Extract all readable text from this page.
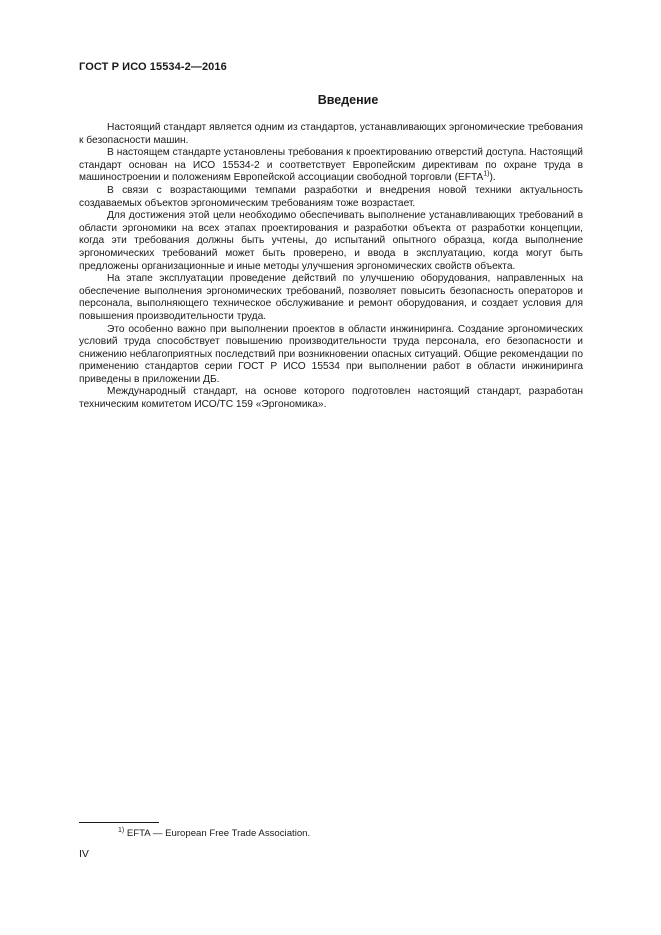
ГОСТ Р ИСО 15534-2—2016
Введение

Настоящий стандарт является одним из стандартов, устанавливающих эргономические требования к безопасности машин.

В настоящем стандарте установлены требования к проектированию отверстий доступа. Настоящий стандарт основан на ИСО 15534-2 и соответствует Европейским директивам по охране труда в машиностроении и положениям Европейской ассоциации свободной торговли (EFTA$^{1)}$).

В связи с возрастающими темпами разработки и внедрения новой техники актуальность создаваемых объектов эргономическим требованиям тоже возрастает.

Для достижения этой цели необходимо обеспечивать выполнение устанавливающих требований в области эргономики на всех этапах проектирования и разработки объекта от разработки концепции, когда эти требования должны быть учтены, до испытаний опытного образца, когда выполнение эргономических требований может быть проверено, и ввода в эксплуатацию, когда могут быть предложены организационные и иные методы улучшения эргономических свойств объекта.

На этапе эксплуатации проведение действий по улучшению оборудования, направленных на обеспечение выполнения эргономических требований, позволяет повысить безопасность операторов и персонала, выполняющего техническое обслуживание и ремонт оборудования, и создает условия для повышения производительности труда.

Это особенно важно при выполнении проектов в области инжиниринга. Создание эргономических условий труда способствует повышению производительности труда персонала, его безопасности и снижению неблагоприятных последствий при возникновении опасных ситуаций. Общие рекомендации по применению стандартов серии ГОСТ Р ИСО 15534 при выполнении работ в области инжиниринга приведены в приложении ДБ.

Международный стандарт, на основе которого подготовлен настоящий стандарт, разработан техническим комитетом ИСО/ТС 159 «Эргономика».

$^{1)}$ EFTA — European Free Trade Association.
IV
